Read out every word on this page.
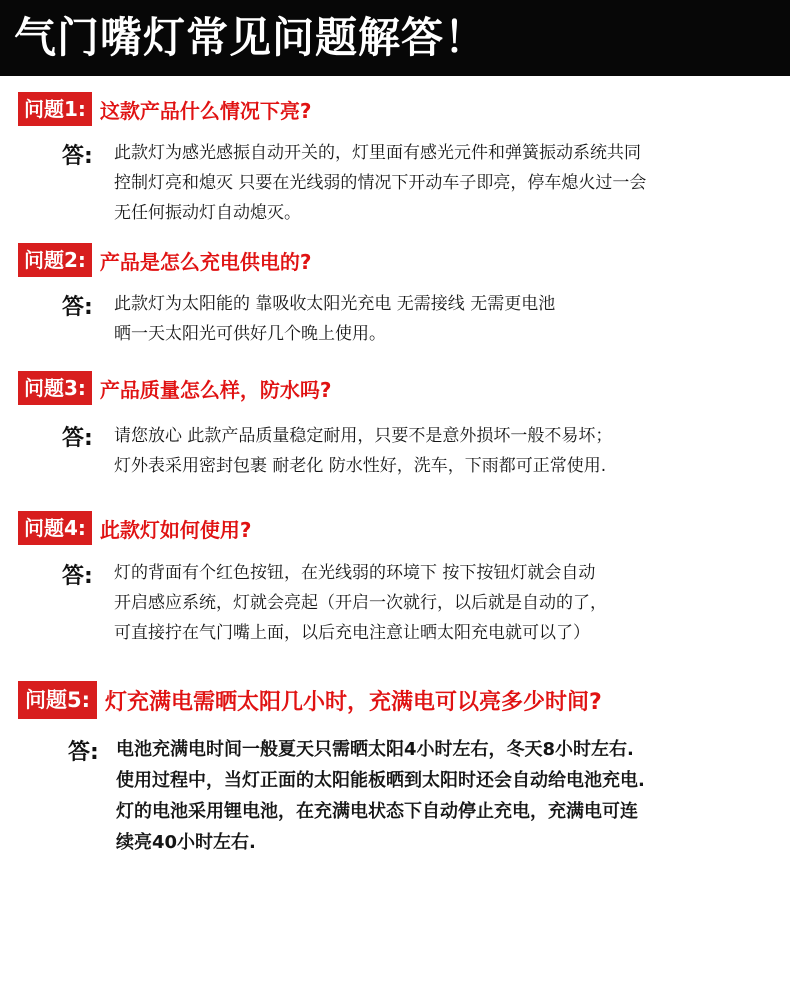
气门嘴灯常见问题解答！
问题1: 这款产品什么情况下亮?
答: 此款灯为感光感振自动开关的，灯里面有感光元件和弹簧振动系统共同
控制灯亮和熄灭 只要在光线弱的情况下开动车子即亮，停车熄火过一会
无任何振动灯自动熄灭。
问题2: 产品是怎么充电供电的?
答: 此款灯为太阳能的 靠吸收太阳光充电 无需接线 无需更电池
晒一天太阳光可供好几个晚上使用。
问题3: 产品质量怎么样，防水吗?
答: 请您放心 此款产品质量稳定耐用，只要不是意外损坏一般不易坏；
灯外表采用密封包裹 耐老化 防水性好，洗车，下雨都可正常使用.
问题4: 此款灯如何使用?
答: 灯的背面有个红色按钮，在光线弱的环境下 按下按钮灯就会自动
开启感应系统，灯就会亮起（开启一次就行，以后就是自动的了，
可直接拧在气门嘴上面，以后充电注意让晒太阳充电就可以了）
问题5: 灯充满电需晒太阳几小时，充满电可以亮多少时间?
答: 电池充满电时间一般夏天只需晒太阳4小时左右，冬天8小时左右.
使用过程中，当灯正面的太阳能板晒到太阳时还会自动给电池充电.
灯的电池采用锂电池，在充满电状态下自动停止充电，充满电可连
续亮40小时左右.
